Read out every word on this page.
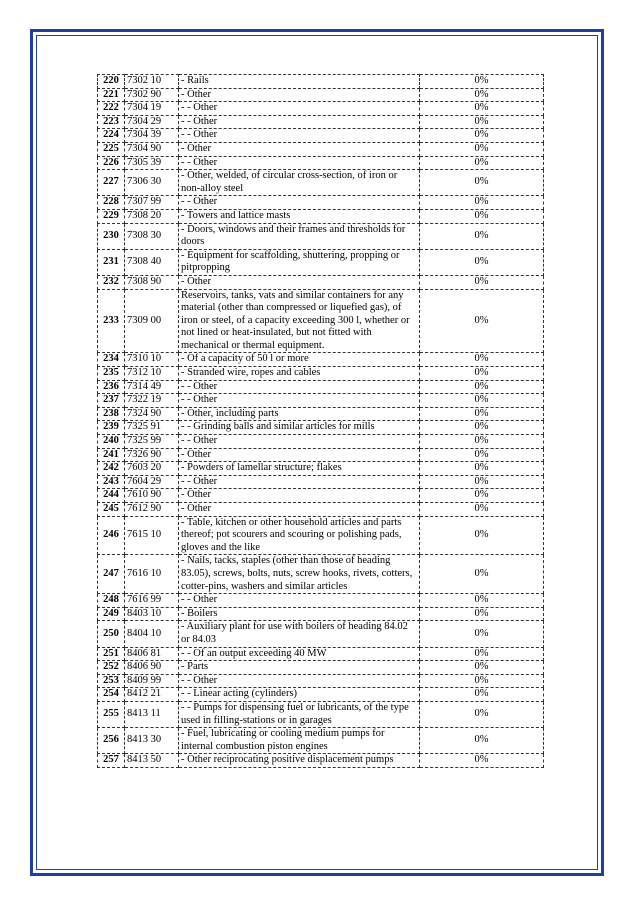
220	7302 10	- Rails	0%
221	7302 90	- Other	0%
222	7304 19	- - Other	0%
223	7304 29	- - Other	0%
224	7304 39	- - Other	0%
225	7304 90	- Other	0%
226	7305 39	- - Other	0%
227	7306 30	- Other, welded, of circular cross-section, of iron or non-alloy steel	0%
228	7307 99	- - Other	0%
229	7308 20	- Towers and lattice masts	0%
230	7308 30	- Doors, windows and their frames and thresholds for doors	0%
231	7308 40	- Equipment for scaffolding, shuttering, propping or pitpropping	0%
232	7308 90	- Other	0%
233	7309 00	Reservoirs, tanks, vats and similar containers for any material (other than compressed or liquefied gas), of iron or steel, of a capacity exceeding 300 l, whether or not lined or heat-insulated, but not fitted with mechanical or thermal equipment.	0%
234	7310 10	- Of a capacity of 50 l or more	0%
235	7312 10	- Stranded wire, ropes and cables	0%
236	7314 49	- - Other	0%
237	7322 19	- - Other	0%
238	7324 90	- Other, including parts	0%
239	7325 91	- - Grinding balls and similar articles for mills	0%
240	7325 99	- - Other	0%
241	7326 90	- Other	0%
242	7603 20	- Powders of lamellar structure; flakes	0%
243	7604 29	- - Other	0%
244	7610 90	- Other	0%
245	7612 90	- Other	0%
246	7615 10	- Table, kitchen or other household articles and parts thereof; pot scourers and scouring or polishing pads, gloves and the like	0%
247	7616 10	- Nails, tacks, staples (other than those of heading 83.05), screws, bolts, nuts, screw hooks, rivets, cotters, cotter-pins, washers and similar articles	0%
248	7616 99	- - Other	0%
249	8403 10	- Boilers	0%
250	8404 10	- Auxiliary plant for use with boilers of heading 84.02 or 84.03	0%
251	8406 81	- - Of an output exceeding 40 MW	0%
252	8406 90	- Parts	0%
253	8409 99	- - Other	0%
254	8412 21	- - Linear acting (cylinders)	0%
255	8413 11	- - Pumps for dispensing fuel or lubricants, of the type used in filling-stations or in garages	0%
256	8413 30	- Fuel, lubricating or cooling medium pumps for internal combustion piston engines	0%
257	8413 50	- Other reciprocating positive displacement pumps	0%
